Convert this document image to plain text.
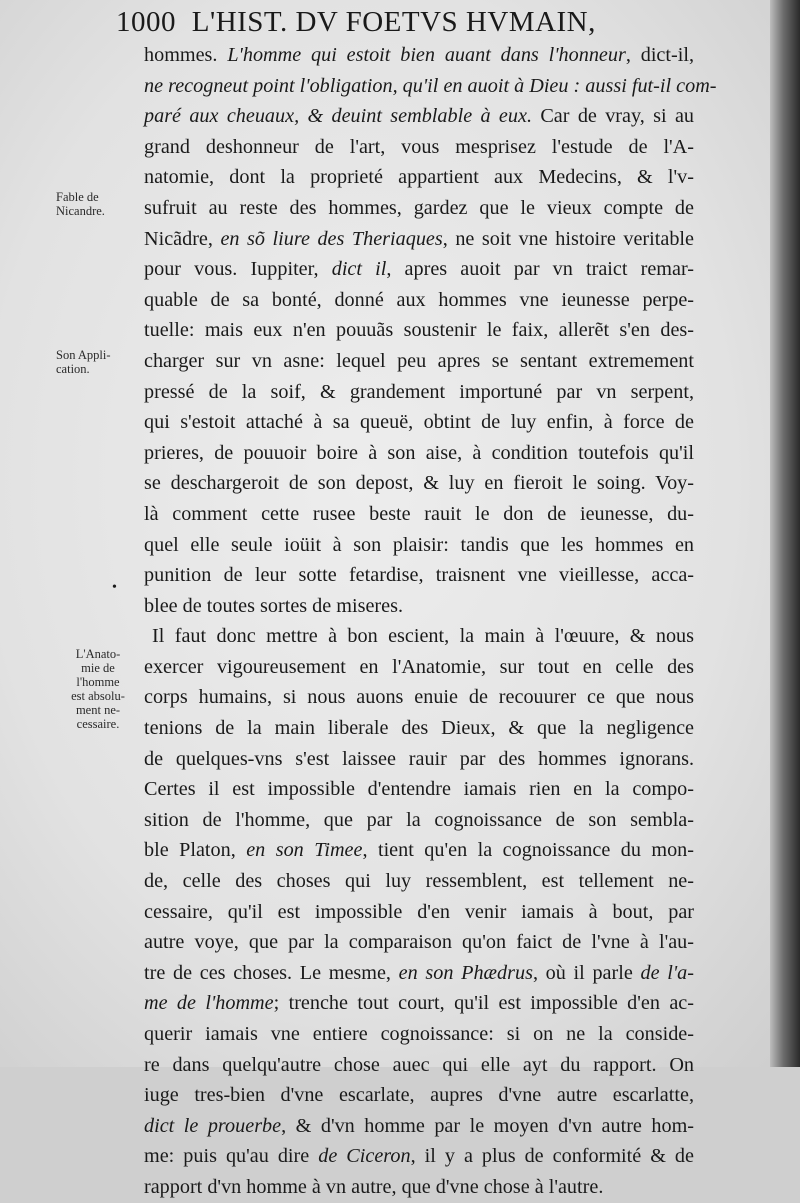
1000 L'HIST. DV FOETVS HVMAIN,
Fable de
Nicandre.
Son Appli-
cation.
L'Anato-
mie de
l'homme
est absolu-
ment ne-
cessaire.
•
hommes. L'homme qui estoit bien auant dans l'honneur, dict-il,
ne recogneut point l'obligation, qu'il en auoit à Dieu : aussi fut-il com-
paré aux cheuaux, & deuint semblable à eux. Car de vray, si au
grand deshonneur de l'art, vous mesprisez l'estude de l'A-
natomie, dont la proprieté appartient aux Medecins, & l'v-
sufruit au reste des hommes, gardez que le vieux compte de
Nicãdre, en sõ liure des Theriaques, ne soit vne histoire veritable
pour vous. Iuppiter, dict il, apres auoit par vn traict remar-
quable de sa bonté, donné aux hommes vne ieunesse perpe-
tuelle: mais eux n'en pouuãs soustenir le faix, allerẽt s'en des-
charger sur vn asne: lequel peu apres se sentant extremement
pressé de la soif, & grandement importuné par vn serpent,
qui s'estoit attaché à sa queuë, obtint de luy enfin, à force de
prieres, de pouuoir boire à son aise, à condition toutefois qu'il
se deschargeroit de son depost, & luy en fieroit le soing. Voy-
là comment cette rusee beste rauit le don de ieunesse, du-
quel elle seule ioüit à son plaisir: tandis que les hommes en
punition de leur sotte fetardise, traisnent vne vieillesse, acca-
blee de toutes sortes de miseres.
Il faut donc mettre à bon escient, la main à l'œuure, & nous
exercer vigoureusement en l'Anatomie, sur tout en celle des
corps humains, si nous auons enuie de recouurer ce que nous
tenions de la main liberale des Dieux, & que la negligence
de quelques-vns s'est laissee rauir par des hommes ignorans.
Certes il est impossible d'entendre iamais rien en la compo-
sition de l'homme, que par la cognoissance de son sembla-
ble Platon, en son Timee, tient qu'en la cognoissance du mon-
de, celle des choses qui luy ressemblent, est tellement ne-
cessaire, qu'il est impossible d'en venir iamais à bout, par
autre voye, que par la comparaison qu'on faict de l'vne à l'au-
tre de ces choses. Le mesme, en son Phædrus, où il parle de l'a-
me de l'homme; trenche tout court, qu'il est impossible d'en ac-
querir iamais vne entiere cognoissance: si on ne la conside-
re dans quelqu'autre chose auec qui elle ayt du rapport. On
iuge tres-bien d'vne escarlate, aupres d'vne autre escarlatte,
dict le prouerbe, & d'vn homme par le moyen d'vn autre hom-
me: puis qu'au dire de Ciceron, il y a plus de conformité & de
rapport d'vn homme à vn autre, que d'vne chose à l'autre.
